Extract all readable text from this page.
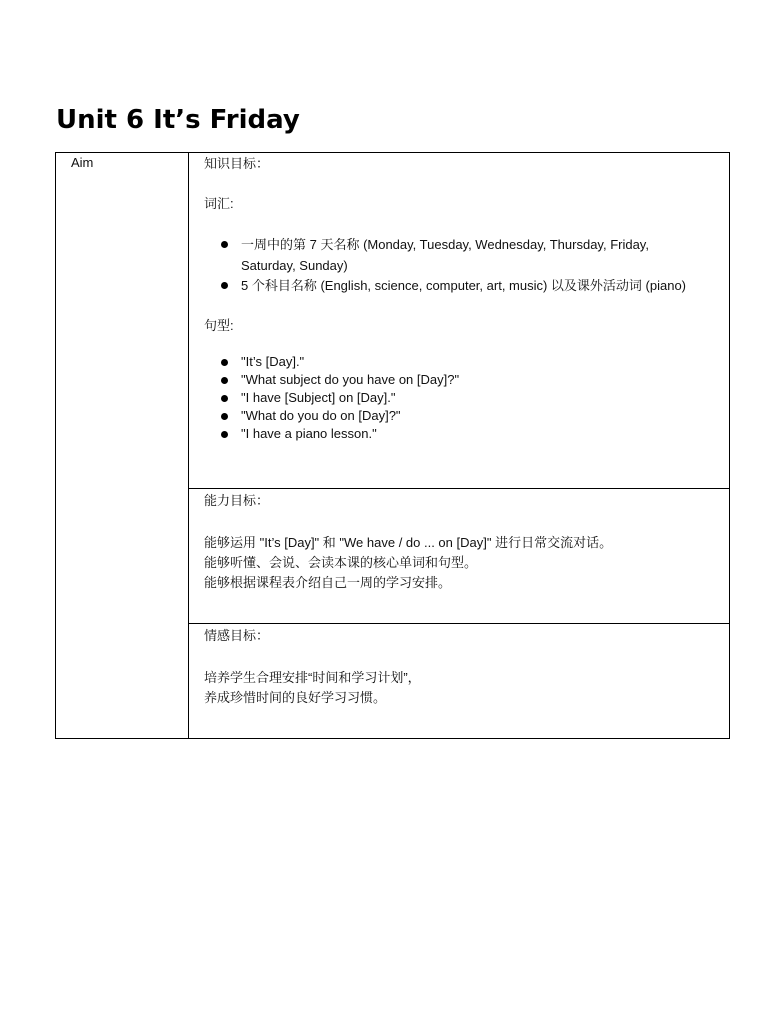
Unit 6 It’s Friday
Aim	知识目标：

词汇:

一周中的第 7 天名称 (Monday, Tuesday, Wednesday, Thursday, Friday, Saturday, Sunday)
5 个科目名称 (English, science, computer, art, music) 以及课外活动词 (piano)

句型:

"It’s [Day]."
"What subject do you have on [Day]?"
"I have [Subject] on [Day]."
"What do you do on [Day]?"
"I have a piano lesson."

能力目标：

能够运用 "It’s [Day]" 和 "We have / do ... on [Day]" 进行日常交流对话。

能够听懂、会说、会读本课的核心单词和句型。

能够根据课程表介绍自己一周的学习安排。

情感目标：

培养学生合理安排“时间和学习计划”，

养成珍惜时间的良好学习习惯。
